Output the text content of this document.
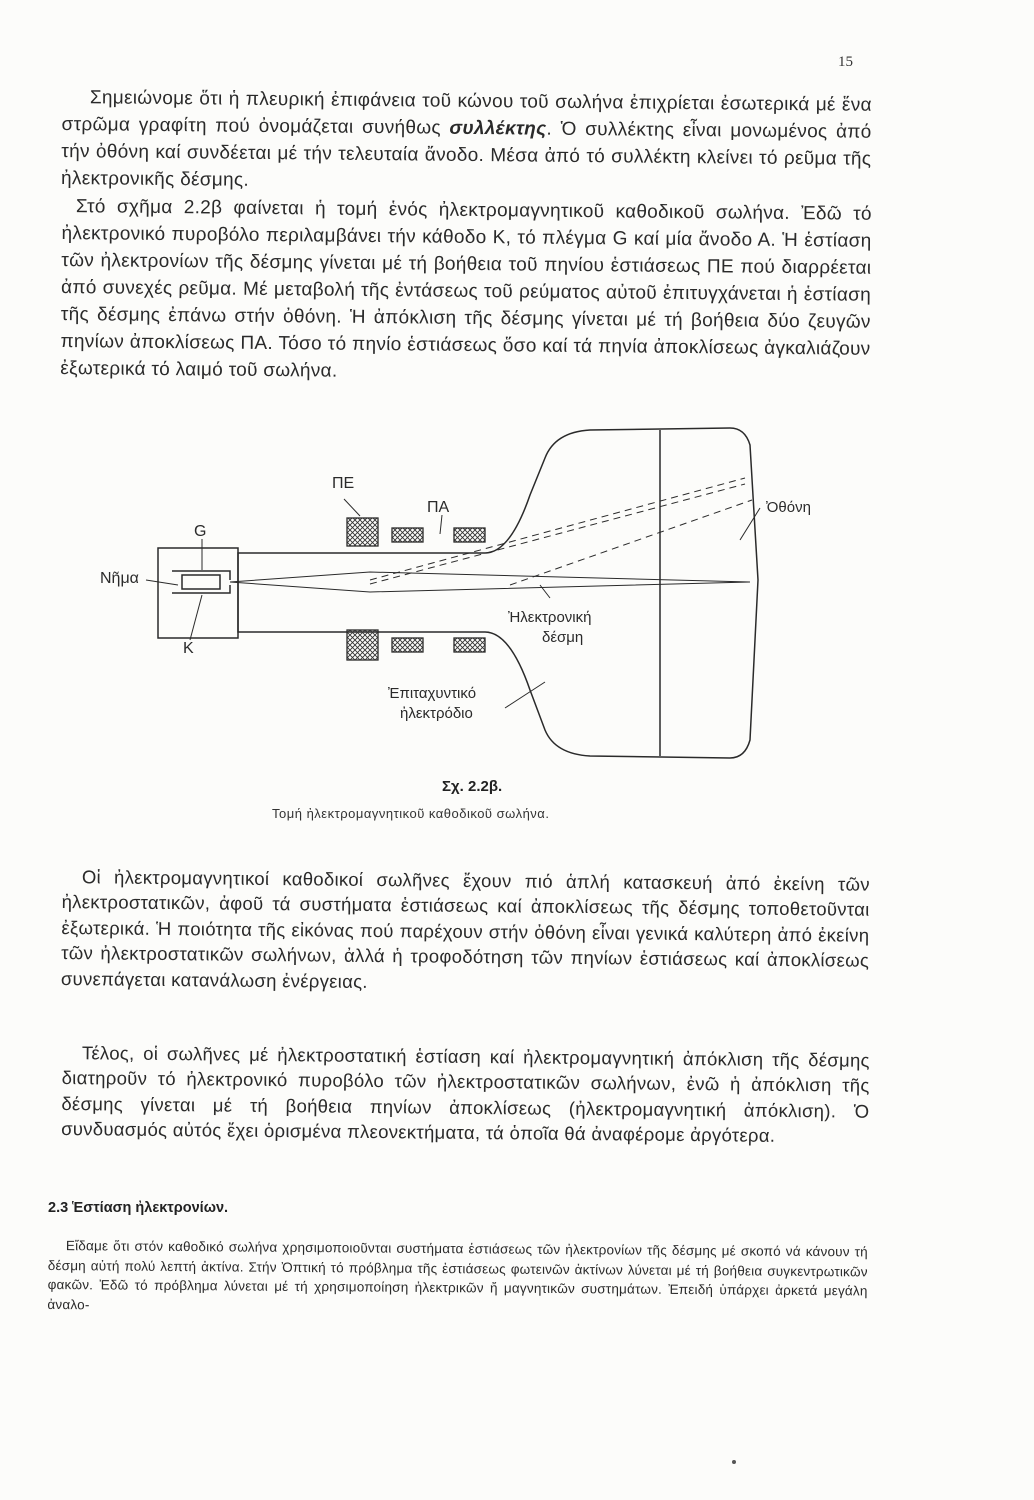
15

Σημειώνομε ὅτι ἡ πλευρική ἐπιφάνεια τοῦ κώνου τοῦ σωλήνα ἐπιχρίεται ἐσωτερικά μέ ἕνα στρῶμα γραφίτη πού ὀνομάζεται συνήθως συλλέκτης. Ὁ συλλέκτης εἶναι μονωμένος ἀπό τήν ὀθόνη καί συνδέεται μέ τήν τελευταία ἄνοδο. Μέσα ἀπό τό συλλέκτη κλείνει τό ρεῦμα τῆς ἠλεκτρονικῆς δέσμης.

Στό σχῆμα 2.2β φαίνεται ἡ τομή ἑνός ἠλεκτρομαγνητικοῦ καθοδικοῦ σωλήνα. Ἐδῶ τό ἠλεκτρονικό πυροβόλο περιλαμβάνει τήν κάθοδο Κ, τό πλέγμα G καί μία ἄνοδο Α. Ἡ ἑστίαση τῶν ἠλεκτρονίων τῆς δέσμης γίνεται μέ τή βοήθεια τοῦ πηνίου ἑστιάσεως ΠΕ πού διαρρέεται ἀπό συνεχές ρεῦμα. Μέ μεταβολή τῆς ἐντάσεως τοῦ ρεύματος αὐτοῦ ἐπιτυγχάνεται ἡ ἑστίαση τῆς δέσμης ἐπάνω στήν ὀθόνη. Ἡ ἀπόκλιση τῆς δέσμης γίνεται μέ τή βοήθεια δύο ζευγῶν πηνίων ἀποκλίσεως ΠΑ. Τόσο τό πηνίο ἑστιάσεως ὅσο καί τά πηνία ἀποκλίσεως ἀγκαλιάζουν ἐξωτερικά τό λαιμό τοῦ σωλήνα.

ΠΕ
ΠΑ
G
Νῆμα
K
Ὀθόνη
Ἠλεκτρονική
δέσμη
Ἐπιταχυντικό
ἠλεκτρόδιο
Σχ. 2.2β.
Τομή ἠλεκτρομαγνητικοῦ καθοδικοῦ σωλήνα.

Οἱ ἠλεκτρομαγνητικοί καθοδικοί σωλῆνες ἔχουν πιό ἁπλή κατασκευή ἀπό ἐκείνη τῶν ἠλεκτροστατικῶν, ἀφοῦ τά συστήματα ἑστιάσεως καί ἀποκλίσεως τῆς δέσμης τοποθετοῦνται ἐξωτερικά. Ἡ ποιότητα τῆς εἰκόνας πού παρέχουν στήν ὀθόνη εἶναι γενικά καλύτερη ἀπό ἐκείνη τῶν ἠλεκτροστατικῶν σωλήνων, ἀλλά ἡ τροφοδότηση τῶν πηνίων ἑστιάσεως καί ἀποκλίσεως συνεπάγεται κατανάλωση ἐνέργειας.

Τέλος, οἱ σωλῆνες μέ ἠλεκτροστατική ἑστίαση καί ἠλεκτρομαγνητική ἀπόκλιση τῆς δέσμης διατηροῦν τό ἠλεκτρονικό πυροβόλο τῶν ἠλεκτροστατικῶν σωλήνων, ἐνῶ ἡ ἀπόκλιση τῆς δέσμης γίνεται μέ τή βοήθεια πηνίων ἀποκλίσεως (ἠλεκτρομαγνητική ἀπόκλιση). Ὁ συνδυασμός αὐτός ἔχει ὁρισμένα πλεονεκτήματα, τά ὁποῖα θά ἀναφέρομε ἀργότερα.

2.3 Ἑστίαση ἠλεκτρονίων.

Εἴδαμε ὅτι στόν καθοδικό σωλήνα χρησιμοποιοῦνται συστήματα ἑστιάσεως τῶν ἠλεκτρονίων τῆς δέσμης μέ σκοπό νά κάνουν τή δέσμη αὐτή πολύ λεπτή ἀκτίνα. Στήν Ὀπτική τό πρόβλημα τῆς ἑστιάσεως φωτεινῶν ἀκτίνων λύνεται μέ τή βοήθεια συγκεντρωτικῶν φακῶν. Ἐδῶ τό πρόβλημα λύνεται μέ τή χρησιμοποίηση ἠλεκτρικῶν ἤ μαγνητικῶν συστημάτων. Ἐπειδή ὑπάρχει ἀρκετά μεγάλη ἀναλο-
